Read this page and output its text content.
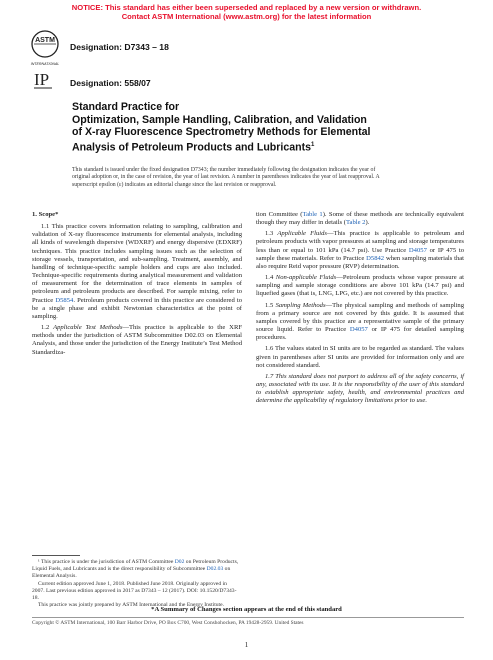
NOTICE: This standard has either been superseded and replaced by a new version or withdrawn.
Contact ASTM International (www.astm.org) for the latest information
ASTM
INTERNATIONAL
Designation: D7343 – 18
IP Designation: 558/07
Standard Practice for
Optimization, Sample Handling, Calibration, and Validation
of X-ray Fluorescence Spectrometry Methods for Elemental
Analysis of Petroleum Products and Lubricants$^1$
This standard is issued under the fixed designation D7343; the number immediately following the designation indicates the year of
original adoption or, in the case of revision, the year of last revision. A number in parentheses indicates the year of last reapproval. A
superscript epsilon (ε) indicates an editorial change since the last revision or reapproval.

1. Scope*

1.1 This practice covers information relating to sampling, calibration and validation of X-ray fluorescence instruments for elemental analysis, including all kinds of wavelength dispersive (WDXRF) and energy dispersive (EDXRF) techniques. This practice includes sampling issues such as the selection of storage vessels, transportation, and sub-sampling. Treatment, assembly, and handling of technique-specific sample holders and cups are also included. Technique-specific requirements during analytical measurement and validation of measurement for the determination of trace elements in samples of petroleum and petroleum products are described. For sample mixing, refer to Practice D5854. Petroleum products covered in this practice are considered to be a single phase and exhibit Newtonian characteristics at the point of sampling.

1.2 Applicable Test Methods—This practice is applicable to the XRF methods under the jurisdiction of ASTM Subcommittee D02.03 on Elemental Analysis, and those under the jurisdiction of the Energy Institute’s Test Method Standardiza-

tion Committee (Table 1). Some of these methods are technically equivalent though they may differ in details (Table 2).

1.3 Applicable Fluids—This practice is applicable to petroleum and petroleum products with vapor pressures at sampling and storage temperatures less than or equal to 101 kPa (14.7 psi). Use Practice D4057 or IP 475 to sample these materials. Refer to Practice D5842 when sampling materials that also require Reid vapor pressure (RVP) determination.

1.4 Non-applicable Fluids—Petroleum products whose vapor pressure at sampling and sample storage conditions are above 101 kPa (14.7 psi) and liquefied gases (that is, LNG, LPG, etc.) are not covered by this practice.

1.5 Sampling Methods—The physical sampling and methods of sampling from a primary source are not covered by this guide. It is assumed that samples covered by this practice are a representative sample of the primary source liquid. Refer to Practice D4057 or IP 475 for detailed sampling procedures.

1.6 The values stated in SI units are to be regarded as standard. The values given in parentheses after SI units are provided for information only and are not considered standard.

1.7 This standard does not purport to address all of the safety concerns, if any, associated with its use. It is the responsibility of the user of this standard to establish appropriate safety, health, and environmental practices and determine the applicability of regulatory limitations prior to use.

¹ This practice is under the jurisdiction of ASTM Committee D02 on Petroleum Products, Liquid Fuels, and Lubricants and is the direct responsibility of Subcommittee D02.03 on Elemental Analysis.

Current edition approved June 1, 2018. Published June 2018. Originally approved in 2007. Last previous edition approved in 2017 as D7343 – 12 (2017). DOI: 10.1520/D7343-18.

This practice was jointly prepared by ASTM International and the Energy Institute.

*A Summary of Changes section appears at the end of this standard
Copyright © ASTM International, 100 Barr Harbor Drive, PO Box C700, West Conshohocken, PA 19428-2959. United States
1
